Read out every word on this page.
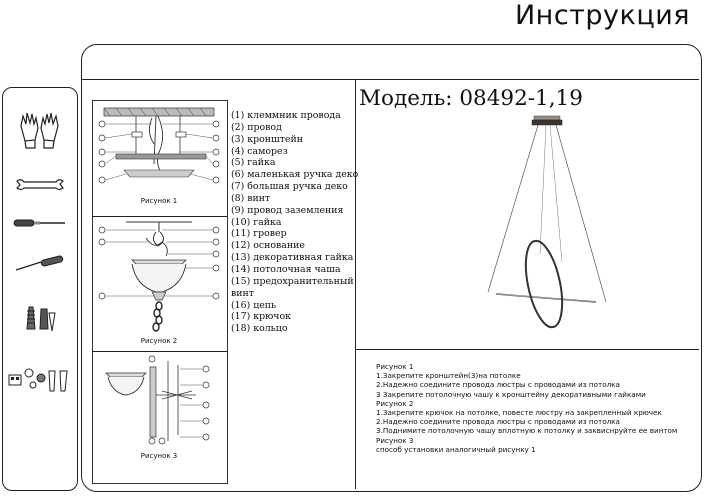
Инструкция
Рисунок 1
Рисунок 2
Рисунок 3
(1) клеммник провода
(2) провод
(3) кронштейн
(4) саморез
(5) гайка
(6) маленькая ручка деко
(7) большая ручка деко
(8) винт
(9) провод заземления
(10) гайка
(11) гровер
(12) основание
(13) декоративная гайка
(14) потолочная чаша
(15) предохранительный
винт
(16) цепь
(17) крючок
(18) кольцо
Модель: 08492-1,19
Рисунок 1
1.Закрепите кронштейн(3)на потолке
2.Надежно соедините провода люстры с проводами из потолка
3 Закрепите потолочную чашу к кронштейну декоративными гайками
Рисунок 2
1.Закрепите крючок на потолке, повесте люстру на закрепленный крючек
2.Надежно соедините провода люстры с проводами из потолка
3.Поднимите потолочную чашу вплотную к потолку и заквиснруйте ее винтом
Рисунок 3
способ установки аналогичный рисунку 1
